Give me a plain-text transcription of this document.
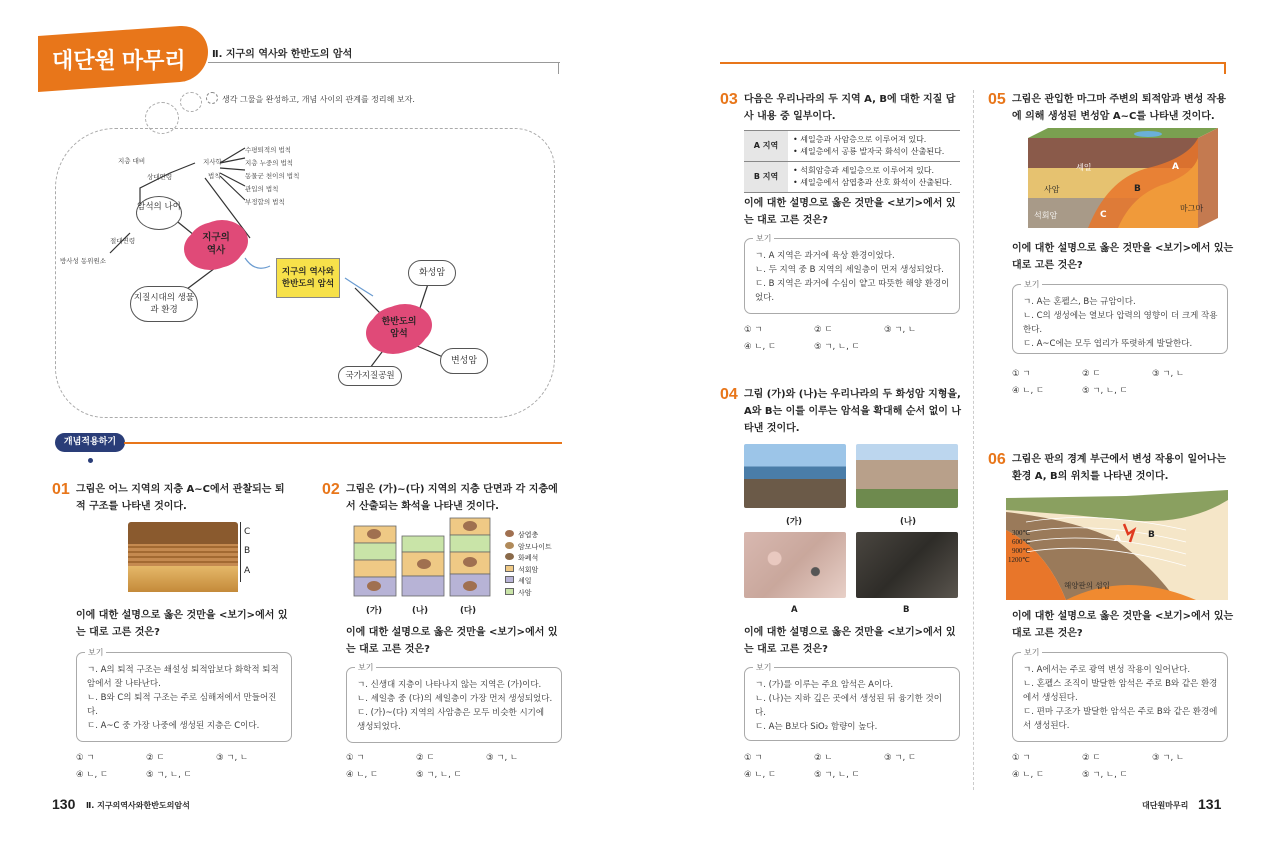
대단원 마무리	Ⅱ. 지구의 역사와 한반도의 암석
생각 그물을 완성하고, 개념 사이의 관계를 정리해 보자.
지층 대비
상대연령
지사학
법칙
수평퇴적의 법칙
지층 누중의 법칙
동물군 천이의 법칙
관입의 법칙
부정합의 법칙
절대연령
방사성 동위원소
암석의 나이
지구의 역사
지구의 역사와 한반도의 암석
지질시대의 생물과 환경
한반도의 암석
화성암
변성암
국가지질공원
개념적용하기
01 그림은 어느 지역의 지층 A~C에서 관찰되는 퇴적 구조를 나타낸 것이다.
C
B
A
이에 대한 설명으로 옳은 것만을 <보기>에서 있는 대로 고른 것은?
보기
ㄱ. A의 퇴적 구조는 쇄설성 퇴적암보다 화학적 퇴적암에서 잘 나타난다.
ㄴ. B와 C의 퇴적 구조는 주로 심해저에서 만들어진다.
ㄷ. A~C 중 가장 나중에 생성된 지층은 C이다.
① ㄱ	② ㄷ	③ ㄱ, ㄴ
④ ㄴ, ㄷ	⑤ ㄱ, ㄴ, ㄷ
02 그림은 (가)~(다) 지역의 지층 단면과 각 지층에서 산출되는 화석을 나타낸 것이다.
(가)	(나)	(다)
삼엽충
암모나이트
화폐석
석회암
셰일
사암
이에 대한 설명으로 옳은 것만을 <보기>에서 있는 대로 고른 것은?
보기
ㄱ. 신생대 지층이 나타나지 않는 지역은 (가)이다.
ㄴ. 셰일층 중 (다)의 셰일층이 가장 먼저 생성되었다.
ㄷ. (가)~(다) 지역의 사암층은 모두 비슷한 시기에 생성되었다.
① ㄱ	② ㄷ	③ ㄱ, ㄴ
④ ㄴ, ㄷ	⑤ ㄱ, ㄴ, ㄷ
130 Ⅱ. 지구의역사와한반도의암석
03 다음은 우리나라의 두 지역 A, B에 대한 지질 답사 내용 중 일부이다.
A 지역	• 셰일층과 사암층으로 이루어져 있다.
• 셰일층에서 공룡 발자국 화석이 산출된다.

B 지역	• 석회암층과 셰일층으로 이루어져 있다.
• 셰일층에서 삼엽충과 산호 화석이 산출된다.
이에 대한 설명으로 옳은 것만을 <보기>에서 있는 대로 고른 것은?
보기
ㄱ. A 지역은 과거에 육상 환경이었다.
ㄴ. 두 지역 중 B 지역의 셰일층이 먼저 생성되었다.
ㄷ. B 지역은 과거에 수심이 얕고 따뜻한 해양 환경이었다.
① ㄱ	② ㄷ	③ ㄱ, ㄴ
④ ㄴ, ㄷ	⑤ ㄱ, ㄴ, ㄷ
04 그림 (가)와 (나)는 우리나라의 두 화성암 지형을, A와 B는 이를 이루는 암석을 확대해 순서 없이 나타낸 것이다.
(가)	(나)
A	B
이에 대한 설명으로 옳은 것만을 <보기>에서 있는 대로 고른 것은?
보기
ㄱ. (가)를 이루는 주요 암석은 A이다.
ㄴ. (나)는 지하 깊은 곳에서 생성된 뒤 융기한 것이다.
ㄷ. A는 B보다 SiO₂ 함량이 높다.
① ㄱ	② ㄴ	③ ㄱ, ㄷ
④ ㄴ, ㄷ	⑤ ㄱ, ㄴ, ㄷ
05 그림은 관입한 마그마 주변의 퇴적암과 변성 작용에 의해 생성된 변성암 A~C를 나타낸 것이다.
셰일	A
사암	B
석회암	C
마그마
이에 대한 설명으로 옳은 것만을 <보기>에서 있는 대로 고른 것은?
보기
ㄱ. A는 혼펠스, B는 규암이다.
ㄴ. C의 생성에는 열보다 압력의 영향이 더 크게 작용한다.
ㄷ. A~C에는 모두 엽리가 뚜렷하게 발달한다.
① ㄱ	② ㄷ	③ ㄱ, ㄴ
④ ㄴ, ㄷ	⑤ ㄱ, ㄴ, ㄷ
06 그림은 판의 경계 부근에서 변성 작용이 일어나는 환경 A, B의 위치를 나타낸 것이다.
300℃
600℃
900℃
1200℃
A	B
해양판의 섭입
이에 대한 설명으로 옳은 것만을 <보기>에서 있는 대로 고른 것은?
보기
ㄱ. A에서는 주로 광역 변성 작용이 일어난다.
ㄴ. 혼펠스 조직이 발달한 암석은 주로 B와 같은 환경에서 생성된다.
ㄷ. 편마 구조가 발달한 암석은 주로 B와 같은 환경에서 생성된다.
① ㄱ	② ㄷ	③ ㄱ, ㄴ
④ ㄴ, ㄷ	⑤ ㄱ, ㄴ, ㄷ
대단원마무리 131
